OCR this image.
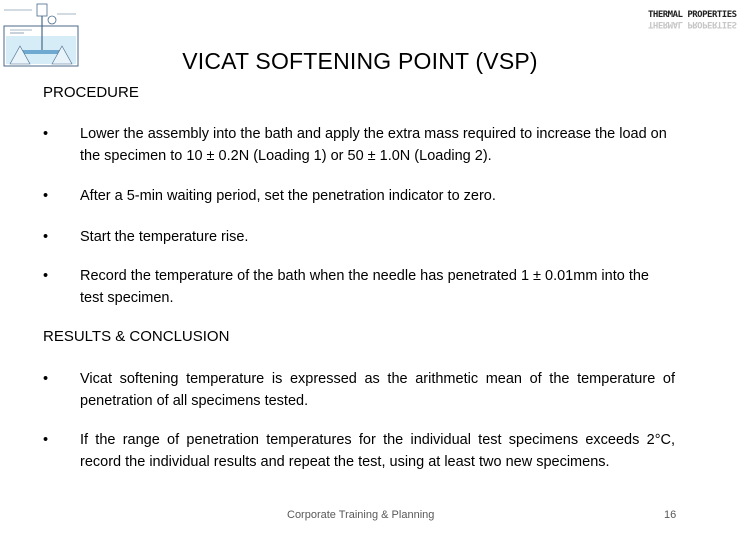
THERMAL PROPERTIES
THERMAL PROPERTIES
VICAT SOFTENING POINT (VSP)
PROCEDURE
•	Lower the assembly into the bath and apply the extra mass required to increase the load on the specimen to 10 ± 0.2N (Loading 1) or 50 ± 1.0N (Loading 2).
•	After a 5-min waiting period, set the penetration indicator to zero.
•	Start the temperature rise.
•	Record the temperature of the bath when the needle has penetrated 1 ± 0.01mm into the test specimen.
RESULTS & CONCLUSION
•	Vicat softening temperature is expressed as the arithmetic mean of the temperature of penetration of all specimens tested.
•	If the range of penetration temperatures for the individual test specimens exceeds 2°C, record the individual results and repeat the test, using at least two new specimens.
Corporate Training & Planning	16
